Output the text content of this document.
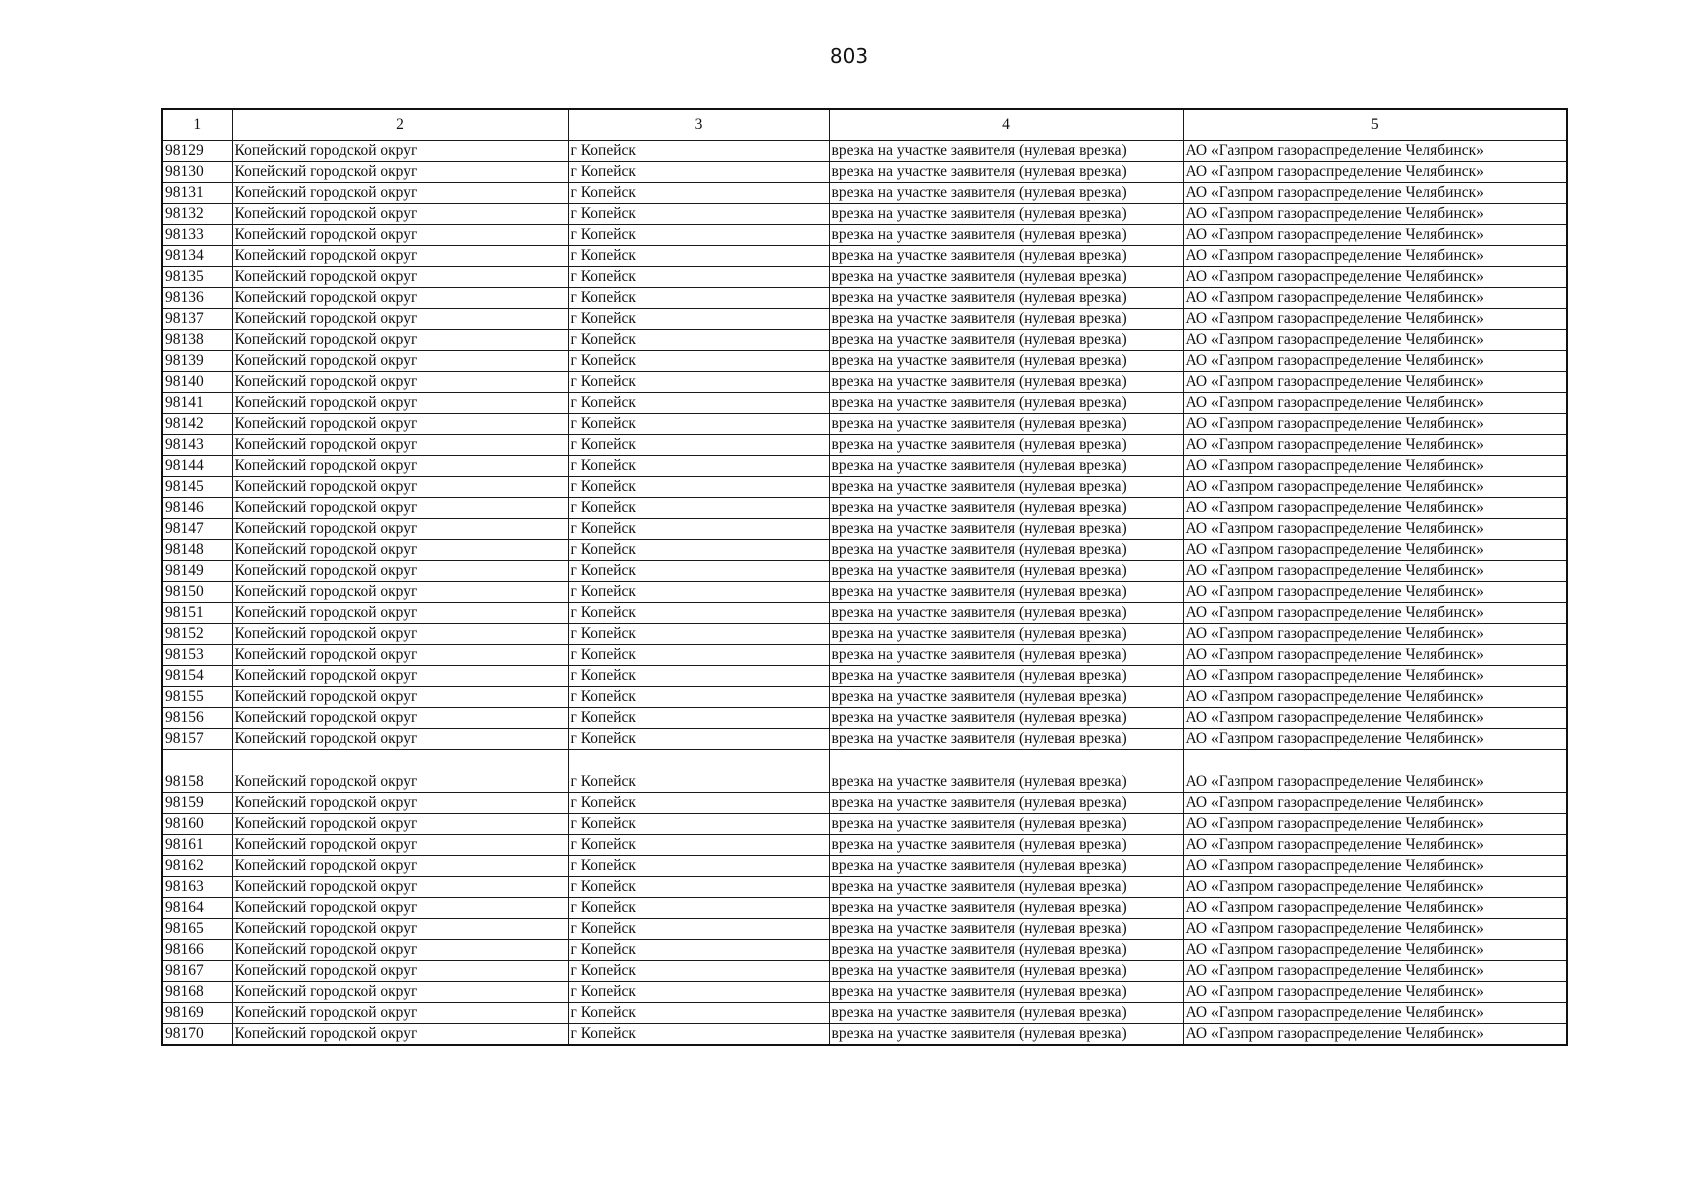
803
1	2	3	4	5
98129	Копейский городской округ	г Копейск	врезка на участке заявителя (нулевая врезка)	АО «Газпром газораспределение Челябинск»
98130	Копейский городской округ	г Копейск	врезка на участке заявителя (нулевая врезка)	АО «Газпром газораспределение Челябинск»
98131	Копейский городской округ	г Копейск	врезка на участке заявителя (нулевая врезка)	АО «Газпром газораспределение Челябинск»
98132	Копейский городской округ	г Копейск	врезка на участке заявителя (нулевая врезка)	АО «Газпром газораспределение Челябинск»
98133	Копейский городской округ	г Копейск	врезка на участке заявителя (нулевая врезка)	АО «Газпром газораспределение Челябинск»
98134	Копейский городской округ	г Копейск	врезка на участке заявителя (нулевая врезка)	АО «Газпром газораспределение Челябинск»
98135	Копейский городской округ	г Копейск	врезка на участке заявителя (нулевая врезка)	АО «Газпром газораспределение Челябинск»
98136	Копейский городской округ	г Копейск	врезка на участке заявителя (нулевая врезка)	АО «Газпром газораспределение Челябинск»
98137	Копейский городской округ	г Копейск	врезка на участке заявителя (нулевая врезка)	АО «Газпром газораспределение Челябинск»
98138	Копейский городской округ	г Копейск	врезка на участке заявителя (нулевая врезка)	АО «Газпром газораспределение Челябинск»
98139	Копейский городской округ	г Копейск	врезка на участке заявителя (нулевая врезка)	АО «Газпром газораспределение Челябинск»
98140	Копейский городской округ	г Копейск	врезка на участке заявителя (нулевая врезка)	АО «Газпром газораспределение Челябинск»
98141	Копейский городской округ	г Копейск	врезка на участке заявителя (нулевая врезка)	АО «Газпром газораспределение Челябинск»
98142	Копейский городской округ	г Копейск	врезка на участке заявителя (нулевая врезка)	АО «Газпром газораспределение Челябинск»
98143	Копейский городской округ	г Копейск	врезка на участке заявителя (нулевая врезка)	АО «Газпром газораспределение Челябинск»
98144	Копейский городской округ	г Копейск	врезка на участке заявителя (нулевая врезка)	АО «Газпром газораспределение Челябинск»
98145	Копейский городской округ	г Копейск	врезка на участке заявителя (нулевая врезка)	АО «Газпром газораспределение Челябинск»
98146	Копейский городской округ	г Копейск	врезка на участке заявителя (нулевая врезка)	АО «Газпром газораспределение Челябинск»
98147	Копейский городской округ	г Копейск	врезка на участке заявителя (нулевая врезка)	АО «Газпром газораспределение Челябинск»
98148	Копейский городской округ	г Копейск	врезка на участке заявителя (нулевая врезка)	АО «Газпром газораспределение Челябинск»
98149	Копейский городской округ	г Копейск	врезка на участке заявителя (нулевая врезка)	АО «Газпром газораспределение Челябинск»
98150	Копейский городской округ	г Копейск	врезка на участке заявителя (нулевая врезка)	АО «Газпром газораспределение Челябинск»
98151	Копейский городской округ	г Копейск	врезка на участке заявителя (нулевая врезка)	АО «Газпром газораспределение Челябинск»
98152	Копейский городской округ	г Копейск	врезка на участке заявителя (нулевая врезка)	АО «Газпром газораспределение Челябинск»
98153	Копейский городской округ	г Копейск	врезка на участке заявителя (нулевая врезка)	АО «Газпром газораспределение Челябинск»
98154	Копейский городской округ	г Копейск	врезка на участке заявителя (нулевая врезка)	АО «Газпром газораспределение Челябинск»
98155	Копейский городской округ	г Копейск	врезка на участке заявителя (нулевая врезка)	АО «Газпром газораспределение Челябинск»
98156	Копейский городской округ	г Копейск	врезка на участке заявителя (нулевая врезка)	АО «Газпром газораспределение Челябинск»
98157	Копейский городской округ	г Копейск	врезка на участке заявителя (нулевая врезка)	АО «Газпром газораспределение Челябинск»
98158	Копейский городской округ	г Копейск	врезка на участке заявителя (нулевая врезка)	АО «Газпром газораспределение Челябинск»
98159	Копейский городской округ	г Копейск	врезка на участке заявителя (нулевая врезка)	АО «Газпром газораспределение Челябинск»
98160	Копейский городской округ	г Копейск	врезка на участке заявителя (нулевая врезка)	АО «Газпром газораспределение Челябинск»
98161	Копейский городской округ	г Копейск	врезка на участке заявителя (нулевая врезка)	АО «Газпром газораспределение Челябинск»
98162	Копейский городской округ	г Копейск	врезка на участке заявителя (нулевая врезка)	АО «Газпром газораспределение Челябинск»
98163	Копейский городской округ	г Копейск	врезка на участке заявителя (нулевая врезка)	АО «Газпром газораспределение Челябинск»
98164	Копейский городской округ	г Копейск	врезка на участке заявителя (нулевая врезка)	АО «Газпром газораспределение Челябинск»
98165	Копейский городской округ	г Копейск	врезка на участке заявителя (нулевая врезка)	АО «Газпром газораспределение Челябинск»
98166	Копейский городской округ	г Копейск	врезка на участке заявителя (нулевая врезка)	АО «Газпром газораспределение Челябинск»
98167	Копейский городской округ	г Копейск	врезка на участке заявителя (нулевая врезка)	АО «Газпром газораспределение Челябинск»
98168	Копейский городской округ	г Копейск	врезка на участке заявителя (нулевая врезка)	АО «Газпром газораспределение Челябинск»
98169	Копейский городской округ	г Копейск	врезка на участке заявителя (нулевая врезка)	АО «Газпром газораспределение Челябинск»
98170	Копейский городской округ	г Копейск	врезка на участке заявителя (нулевая врезка)	АО «Газпром газораспределение Челябинск»
